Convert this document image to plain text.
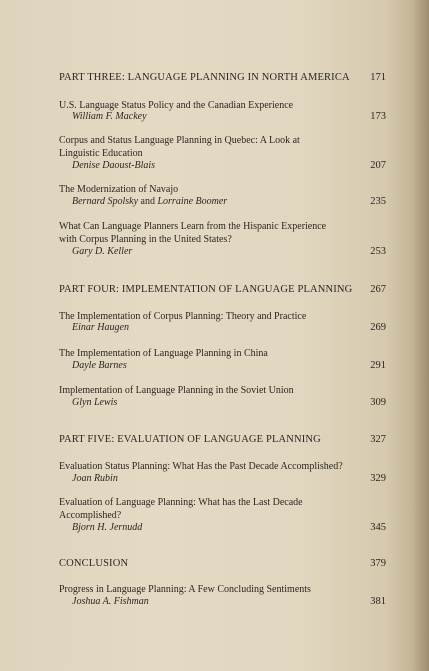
PART THREE: LANGUAGE PLANNING IN NORTH AMERICA	171
U.S. Language Status Policy and the Canadian Experience
William F. Mackey	173
Corpus and Status Language Planning in Quebec: A Look at
Linguistic Education
Denise Daoust-Blais	207
The Modernization of Navajo
Bernard Spolsky and Lorraine Boomer	235
What Can Language Planners Learn from the Hispanic Experience
with Corpus Planning in the United States?
Gary D. Keller	253
PART FOUR: IMPLEMENTATION OF LANGUAGE PLANNING	267
The Implementation of Corpus Planning: Theory and Practice
Einar Haugen	269
The Implementation of Language Planning in China
Dayle Barnes	291
Implementation of Language Planning in the Soviet Union
Glyn Lewis	309
PART FIVE: EVALUATION OF LANGUAGE PLANNING	327
Evaluation Status Planning: What Has the Past Decade Accomplished?
Joan Rubin	329
Evaluation of Language Planning: What has the Last Decade
Accomplished?
Bjorn H. Jernudd	345
CONCLUSION	379
Progress in Language Planning: A Few Concluding Sentiments
Joshua A. Fishman	381
